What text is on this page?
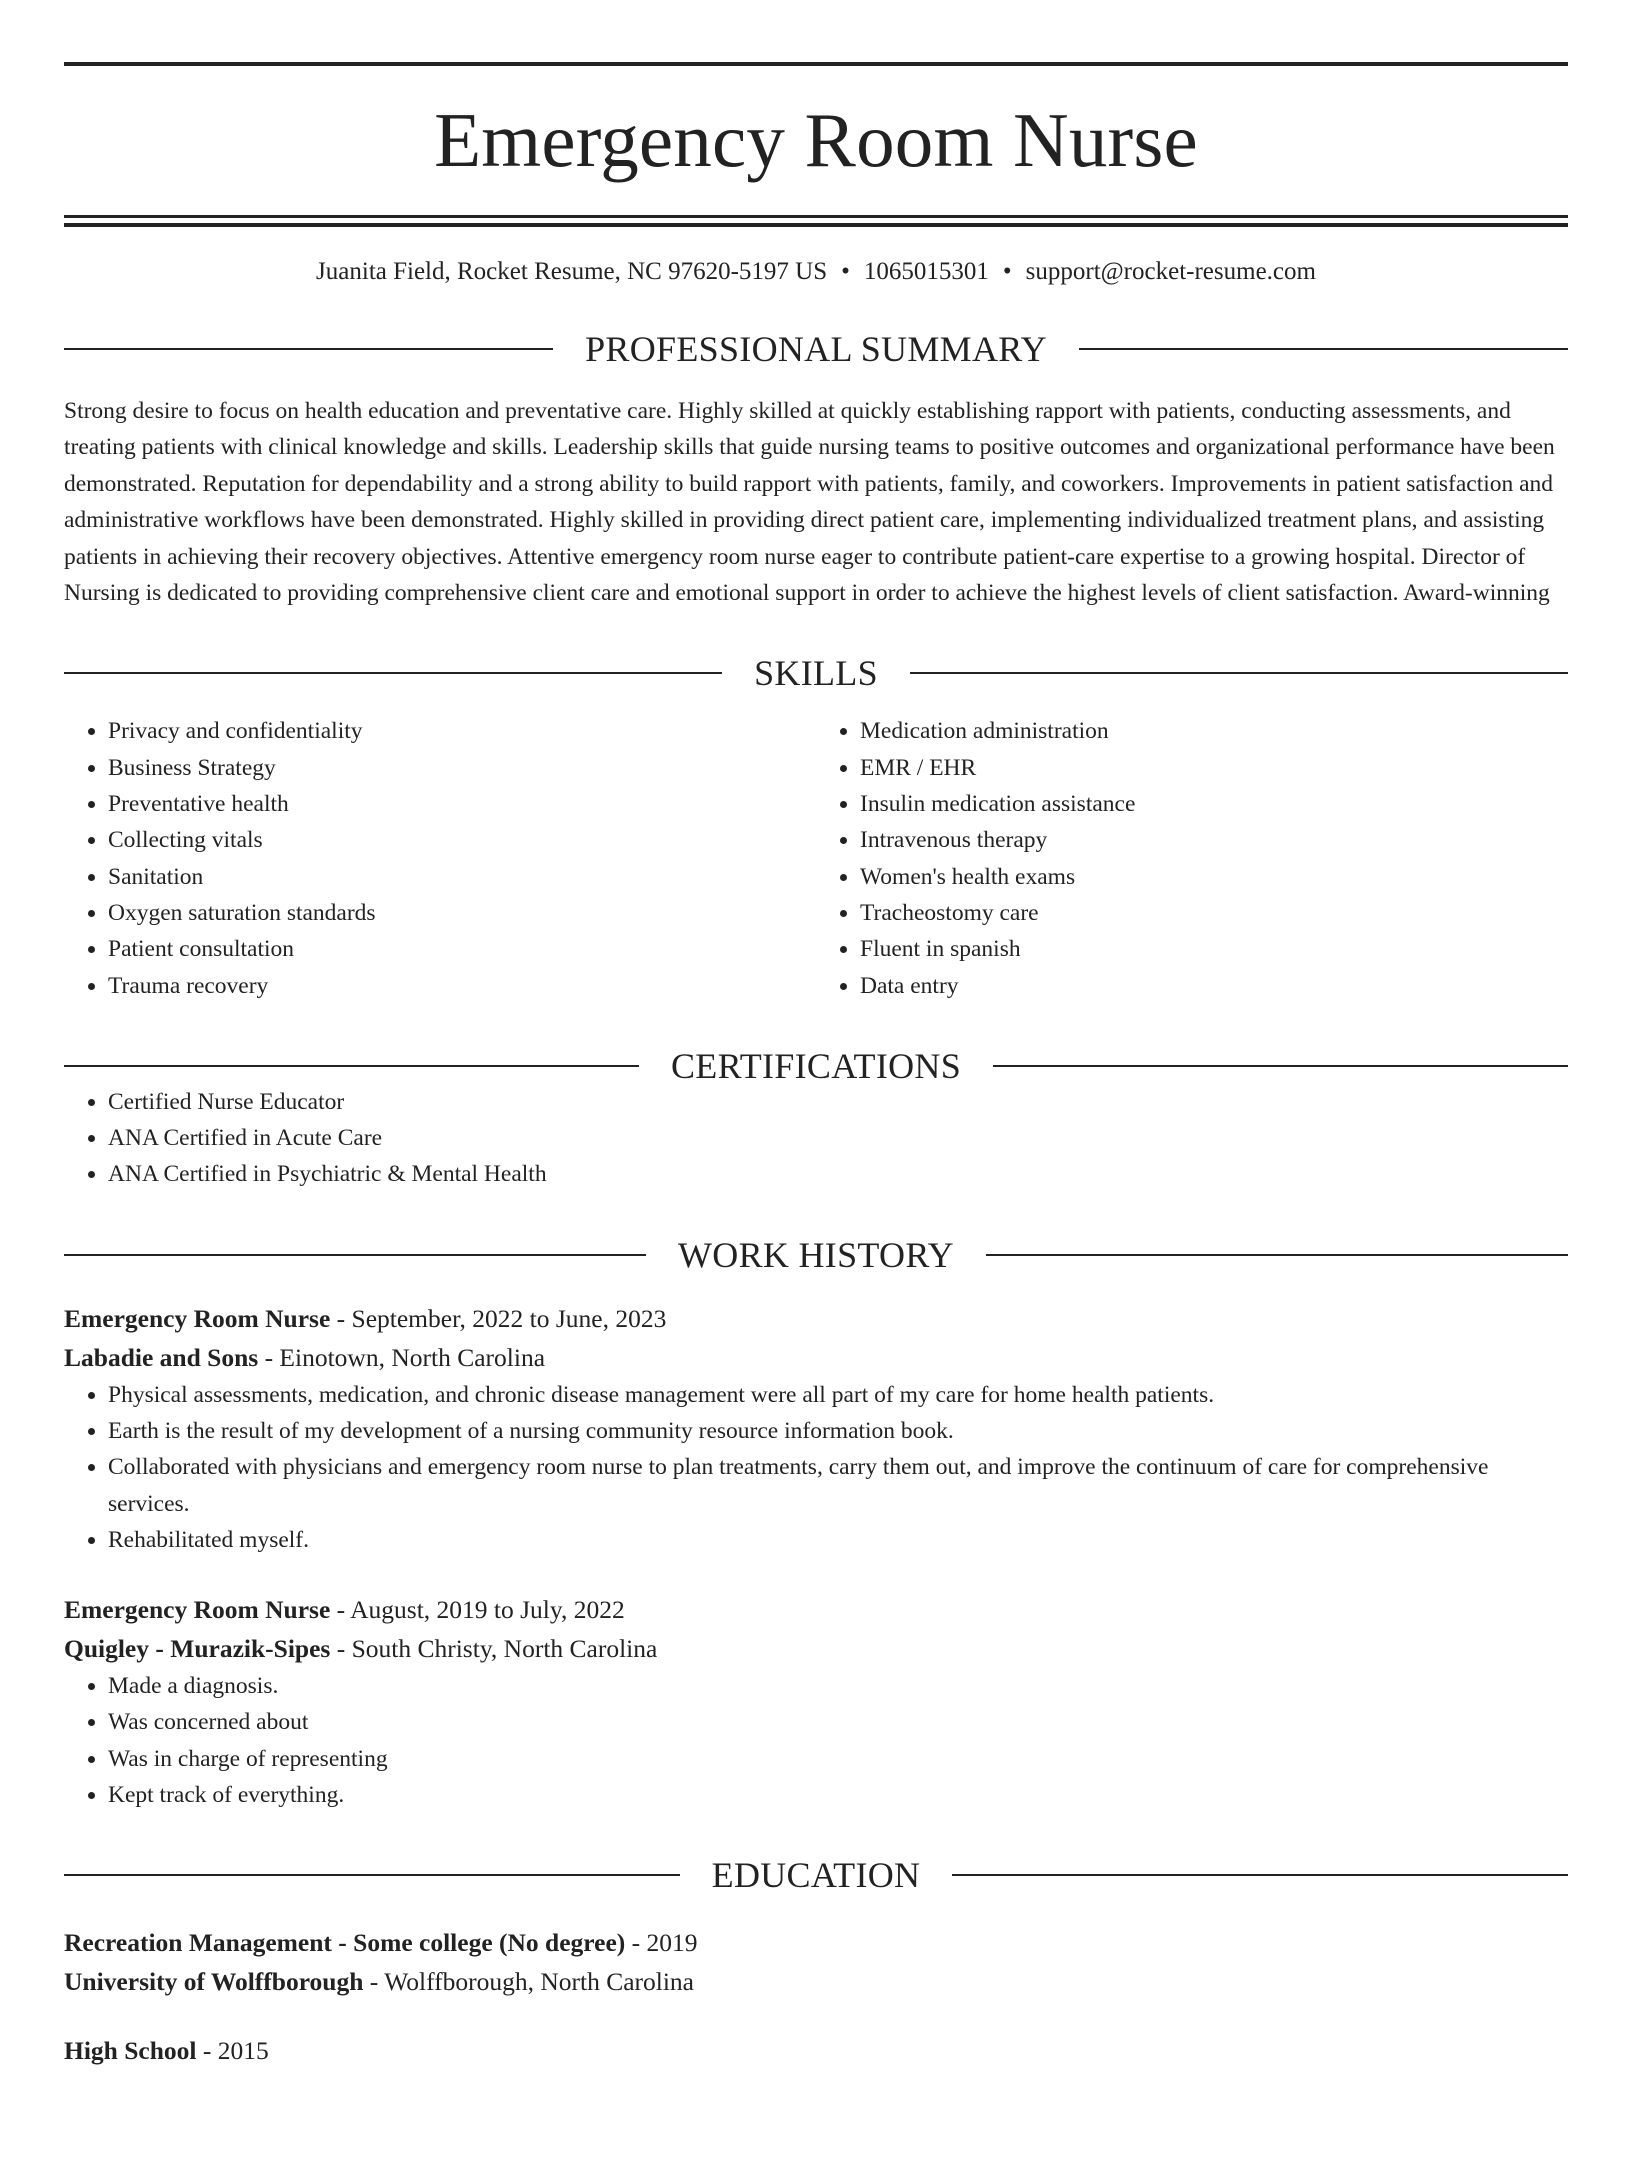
Emergency Room Nurse
Juanita Field, Rocket Resume, NC 97620-5197 US • 1065015301 • support@rocket-resume.com
PROFESSIONAL SUMMARY
Strong desire to focus on health education and preventative care. Highly skilled at quickly establishing rapport with patients, conducting assessments, and treating patients with clinical knowledge and skills. Leadership skills that guide nursing teams to positive outcomes and organizational performance have been demonstrated. Reputation for dependability and a strong ability to build rapport with patients, family, and coworkers. Improvements in patient satisfaction and administrative workflows have been demonstrated. Highly skilled in providing direct patient care, implementing individualized treatment plans, and assisting patients in achieving their recovery objectives. Attentive emergency room nurse eager to contribute patient-care expertise to a growing hospital. Director of Nursing is dedicated to providing comprehensive client care and emotional support in order to achieve the highest levels of client satisfaction. Award-winning
SKILLS
• Privacy and confidentiality
• Business Strategy
• Preventative health
• Collecting vitals
• Sanitation
• Oxygen saturation standards
• Patient consultation
• Trauma recovery
• Medication administration
• EMR / EHR
• Insulin medication assistance
• Intravenous therapy
• Women's health exams
• Tracheostomy care
• Fluent in spanish
• Data entry
CERTIFICATIONS
• Certified Nurse Educator
• ANA Certified in Acute Care
• ANA Certified in Psychiatric & Mental Health
WORK HISTORY
Emergency Room Nurse - September, 2022 to June, 2023
Labadie and Sons - Einotown, North Carolina
• Physical assessments, medication, and chronic disease management were all part of my care for home health patients.
• Earth is the result of my development of a nursing community resource information book.
• Collaborated with physicians and emergency room nurse to plan treatments, carry them out, and improve the continuum of care for comprehensive services.
• Rehabilitated myself.
Emergency Room Nurse - August, 2019 to July, 2022
Quigley - Murazik-Sipes - South Christy, North Carolina
• Made a diagnosis.
• Was concerned about
• Was in charge of representing
• Kept track of everything.
EDUCATION
Recreation Management - Some college (No degree) - 2019
University of Wolffborough - Wolffborough, North Carolina
High School - 2015
